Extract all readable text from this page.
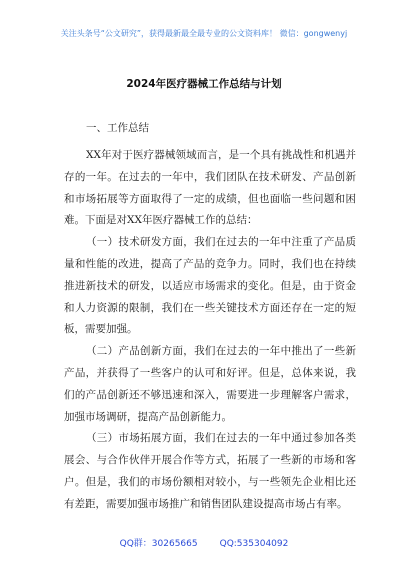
关注头条号“公文研究”，获得最新最全最专业的公文资料库！ 微信：gongwenyj
2024年医疗器械工作总结与计划

一、工作总结

XX年对于医疗器械领域而言，是一个具有挑战性和机遇并存的一年。在过去的一年中，我们团队在技术研发、产品创新和市场拓展等方面取得了一定的成绩，但也面临一些问题和困难。下面是对XX年医疗器械工作的总结：

（一）技术研发方面，我们在过去的一年中注重了产品质量和性能的改进，提高了产品的竞争力。同时，我们也在持续推进新技术的研发，以适应市场需求的变化。但是，由于资金和人力资源的限制，我们在一些关键技术方面还存在一定的短板，需要加强。

（二）产品创新方面，我们在过去的一年中推出了一些新产品，并获得了一些客户的认可和好评。但是，总体来说，我们的产品创新还不够迅速和深入，需要进一步理解客户需求，加强市场调研，提高产品创新能力。

（三）市场拓展方面，我们在过去的一年中通过参加各类展会、与合作伙伴开展合作等方式，拓展了一些新的市场和客户。但是，我们的市场份额相对较小，与一些领先企业相比还有差距，需要加强市场推广和销售团队建设提高市场占有率。

QQ群：30265665 QQ:535304092
